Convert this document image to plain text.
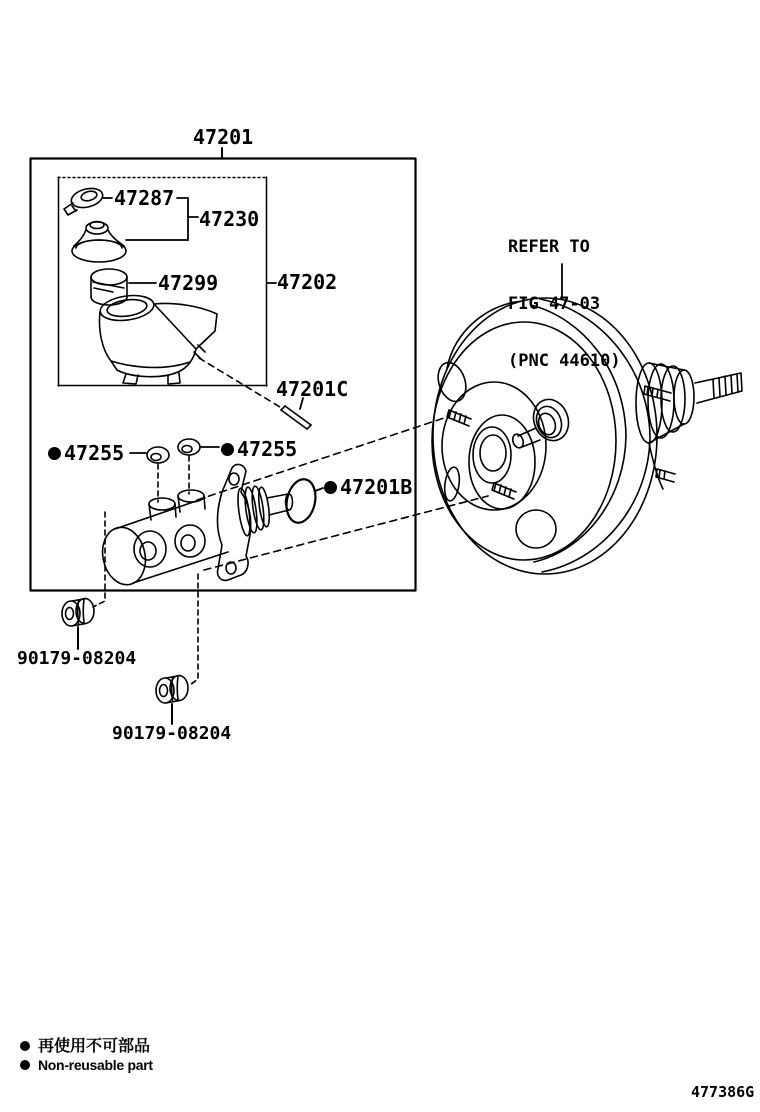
47201
47287
47230
47299	47202
47201C
47255	47255
47201B
90179-08204
90179-08204

REFER TO

FIG 47-03

(PNC 44610)

再使用不可部品
Non-reusable part
477386G
